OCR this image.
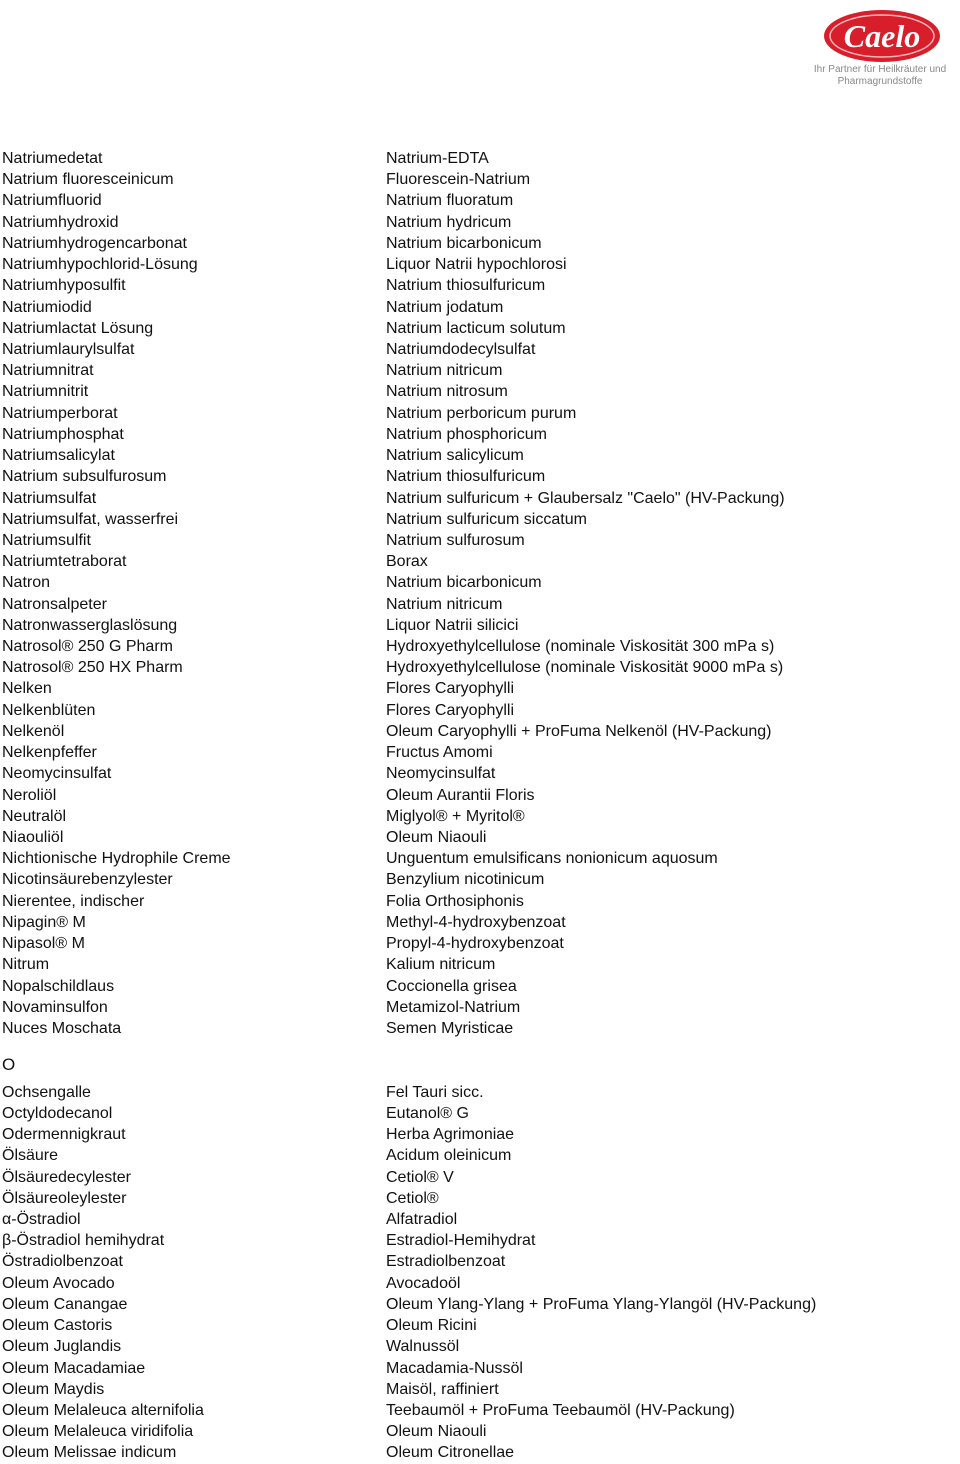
Caelo
Ihr Partner für Heilkräuter und
Pharmagrundstoffe
Natriumedetat	Natrium-EDTA
Natrium fluoresceinicum	Fluorescein-Natrium
Natriumfluorid	Natrium fluoratum
Natriumhydroxid	Natrium hydricum
Natriumhydrogencarbonat	Natrium bicarbonicum
Natriumhypochlorid-Lösung	Liquor Natrii hypochlorosi
Natriumhyposulfit	Natrium thiosulfuricum
Natriumiodid	Natrium jodatum
Natriumlactat Lösung	Natrium lacticum solutum
Natriumlaurylsulfat	Natriumdodecylsulfat
Natriumnitrat	Natrium nitricum
Natriumnitrit	Natrium nitrosum
Natriumperborat	Natrium perboricum purum
Natriumphosphat	Natrium phosphoricum
Natriumsalicylat	Natrium salicylicum
Natrium subsulfurosum	Natrium thiosulfuricum
Natriumsulfat	Natrium sulfuricum + Glaubersalz "Caelo" (HV-Packung)
Natriumsulfat, wasserfrei	Natrium sulfuricum siccatum
Natriumsulfit	Natrium sulfurosum
Natriumtetraborat	Borax
Natron	Natrium bicarbonicum
Natronsalpeter	Natrium nitricum
Natronwasserglaslösung	Liquor Natrii silicici
Natrosol® 250 G Pharm	Hydroxyethylcellulose (nominale Viskosität 300 mPa s)
Natrosol® 250 HX Pharm	Hydroxyethylcellulose (nominale Viskosität 9000 mPa s)
Nelken	Flores Caryophylli
Nelkenblüten	Flores Caryophylli
Nelkenöl	Oleum Caryophylli + ProFuma Nelkenöl (HV-Packung)
Nelkenpfeffer	Fructus Amomi
Neomycinsulfat	Neomycinsulfat
Neroliöl	Oleum Aurantii Floris
Neutralöl	Miglyol® + Myritol®
Niaouliöl	Oleum Niaouli
Nichtionische Hydrophile Creme	Unguentum emulsificans nonionicum aquosum
Nicotinsäurebenzylester	Benzylium nicotinicum
Nierentee, indischer	Folia Orthosiphonis
Nipagin® M	Methyl-4-hydroxybenzoat
Nipasol® M	Propyl-4-hydroxybenzoat
Nitrum	Kalium nitricum
Nopalschildlaus	Coccionella grisea
Novaminsulfon	Metamizol-Natrium
Nuces Moschata	Semen Myristicae
O
Ochsengalle	Fel Tauri sicc.
Octyldodecanol	Eutanol® G
Odermennigkraut	Herba Agrimoniae
Ölsäure	Acidum oleinicum
Ölsäuredecylester	Cetiol® V
Ölsäureoleylester	Cetiol®
α-Östradiol	Alfatradiol
β-Östradiol hemihydrat	Estradiol-Hemihydrat
Östradiolbenzoat	Estradiolbenzoat
Oleum Avocado	Avocadoöl
Oleum Canangae	Oleum Ylang-Ylang + ProFuma Ylang-Ylangöl (HV-Packung)
Oleum Castoris	Oleum Ricini
Oleum Juglandis	Walnussöl
Oleum Macadamiae	Macadamia-Nussöl
Oleum Maydis	Maisöl, raffiniert
Oleum Melaleuca alternifolia	Teebaumöl + ProFuma Teebaumöl (HV-Packung)
Oleum Melaleuca viridifolia	Oleum Niaouli
Oleum Melissae indicum	Oleum Citronellae
